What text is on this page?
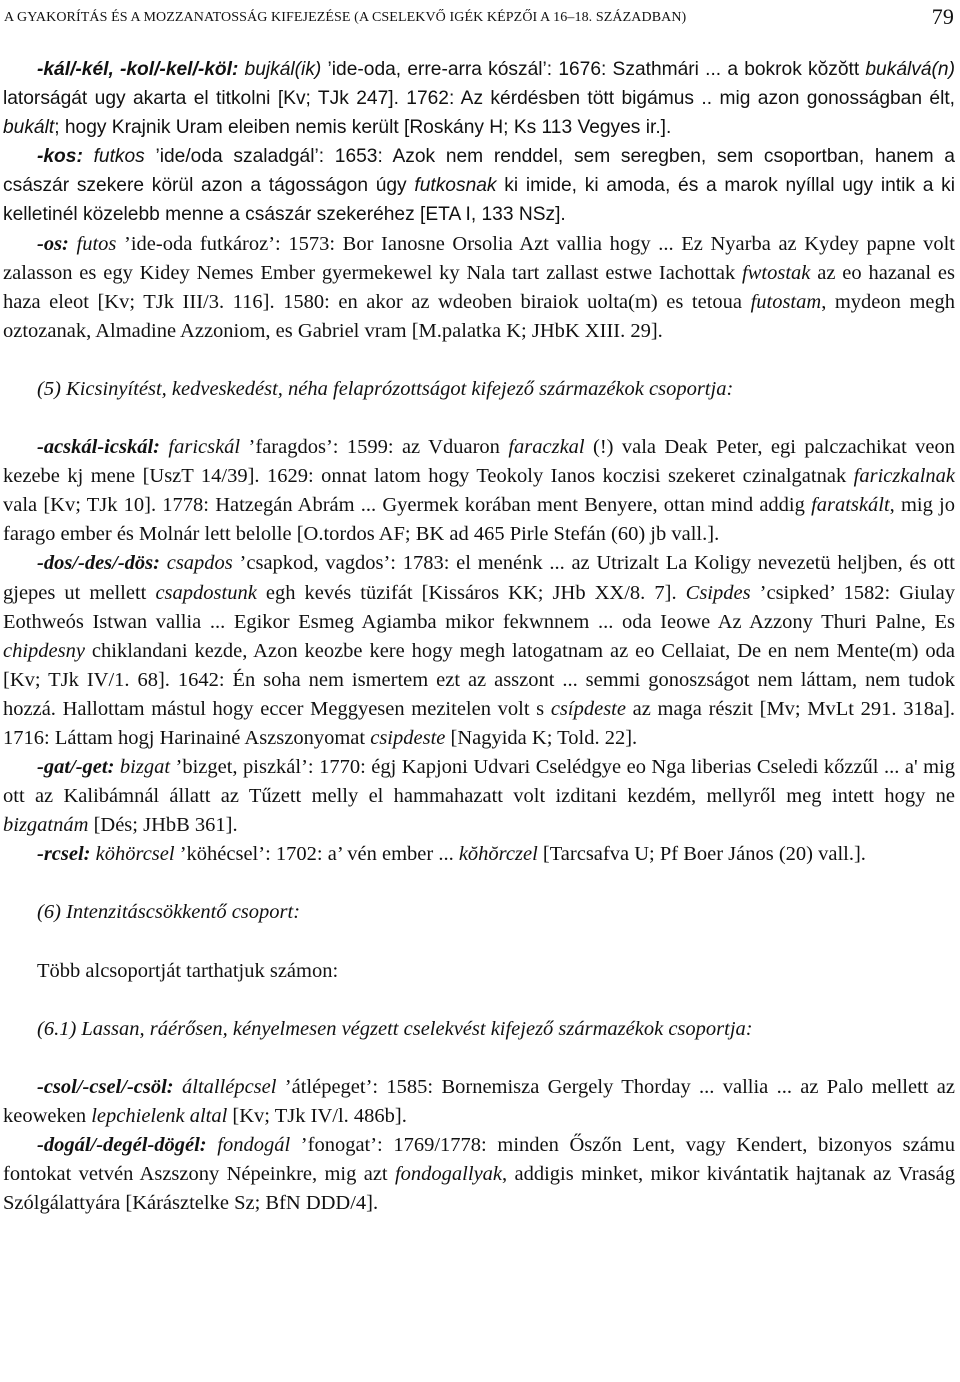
A GYAKORÍTÁS ÉS A MOZZANATOSSÁG KIFEJEZÉSE (A CSELEKVŐ IGÉK KÉPZŐI A 16–18. SZÁZADBAN)	79

-kál/-kél, -kol/-kel/-köl: bujkál(ik) ’ide-oda, erre-arra kószál’: 1676: Szathmári ... a bokrok kŏzŏtt bukálvá(n) latorságát ugy akarta el titkolni [Kv; TJk 247]. 1762: Az kérdésben tött bigámus .. mig azon gonosságban élt, bukált; hogy Krajnik Uram eleiben nemis került [Roskány H; Ks 113 Vegyes ir.].

-kos: futkos ’ide/oda szaladgál’: 1653: Azok nem renddel, sem seregben, sem csoportban, hanem a császár szekere körül azon a tágosságon úgy futkosnak ki imide, ki amoda, és a marok nyíllal ugy intik a ki kelletinél közelebb menne a császár szekeréhez [ETA I, 133 NSz].

-os: futos ’ide-oda futkároz’: 1573: Bor Ianosne Orsolia Azt vallia hogy ... Ez Nyarba az Kydey papne volt zalasson es egy Kidey Nemes Ember gyermekewel ky Nala tart zallast estwe Iachottak fwtostak az eo hazanal es haza eleot [Kv; TJk III/3. 116]. 1580: en akor az wdeoben biraiok uolta(m) es tetoua futostam, mydeon megh oztozanak, Almadine Azzoniom, es Gabriel vram [M.palatka K; JHbK XIII. 29].

(5) Kicsinyítést, kedveskedést, néha felaprózottságot kifejező származékok csoportja:

-acskál-icskál: faricskál ’faragdos’: 1599: az Vduaron faraczkal (!) vala Deak Peter, egi palczachikat veon kezebe kj mene [UszT 14/39]. 1629: onnat latom hogy Teokoly Ianos koczisi szekeret czinalgatnak fariczkalnak vala [Kv; TJk 10]. 1778: Hatzegán Abrám ... Gyermek korában ment Benyere, ottan mind addig faratskált, mig jo farago ember és Molnár lett belolle [O.tordos AF; BK ad 465 Pirle Stefán (60) jb vall.].

-dos/-des/-dös: csapdos ’csapkod, vagdos’: 1783: el menénk ... az Utrizalt La Koligy nevezetü heljben, és ott gjepes ut mellett csapdostunk egh kevés tüzifát [Kissáros KK; JHb XX/8. 7]. Csipdes ’csipked’ 1582: Giulay Eothweós Istwan vallia ... Egikor Esmeg Agiamba mikor fekwnnem ... oda Ieowe Az Azzony Thuri Palne, Es chipdesny chiklandani kezde, Azon keozbe kere hogy megh latogatnam az eo Cellaiat, De en nem Mente(m) oda [Kv; TJk IV/1. 68]. 1642: Én soha nem ismertem ezt az asszont ... semmi gonoszságot nem láttam, nem tudok hozzá. Hallottam mástul hogy eccer Meggyesen mezitelen volt s csípdeste az maga részit [Mv; MvLt 291. 318a]. 1716: Láttam hogj Harinainé Aszszonyomat csipdeste [Nagyida K; Told. 22].

-gat/-get: bizgat ’bizget, piszkál’: 1770: égj Kapjoni Udvari Cselédgye eo Nga liberias Cseledi kőzzűl ... a' mig ott az Kalibámnál állatt az Tűzett melly el hammahazatt volt izditani kezdém, mellyről meg intett hogy ne bizgatnám [Dés; JHbB 361].

-rcsel: köhörcsel ’köhécsel’: 1702: a’ vén ember ... kŏhŏrczel [Tarcsafva U; Pf Boer János (20) vall.].

(6) Intenzitáscsökkentő csoport:

Több alcsoportját tarthatjuk számon:

(6.1) Lassan, ráérősen, kényelmesen végzett cselekvést kifejező származékok csoportja:

-csol/-csel/-csöl: általlépcsel ’átlépeget’: 1585: Bornemisza Gergely Thorday ... vallia ... az Palo mellett az keoweken lepchielenk altal [Kv; TJk IV/l. 486b].

-dogál/-degél-dögél: fondogál ’fonogat’: 1769/1778: minden Őszőn Lent, vagy Kendert, bizonyos számu fontokat vetvén Aszszony Népeinkre, mig azt fondogallyak, addigis minket, mikor kivántatik hajtanak az Vraság Szólgálattyára [Kárásztelke Sz; BfN DDD/4].
